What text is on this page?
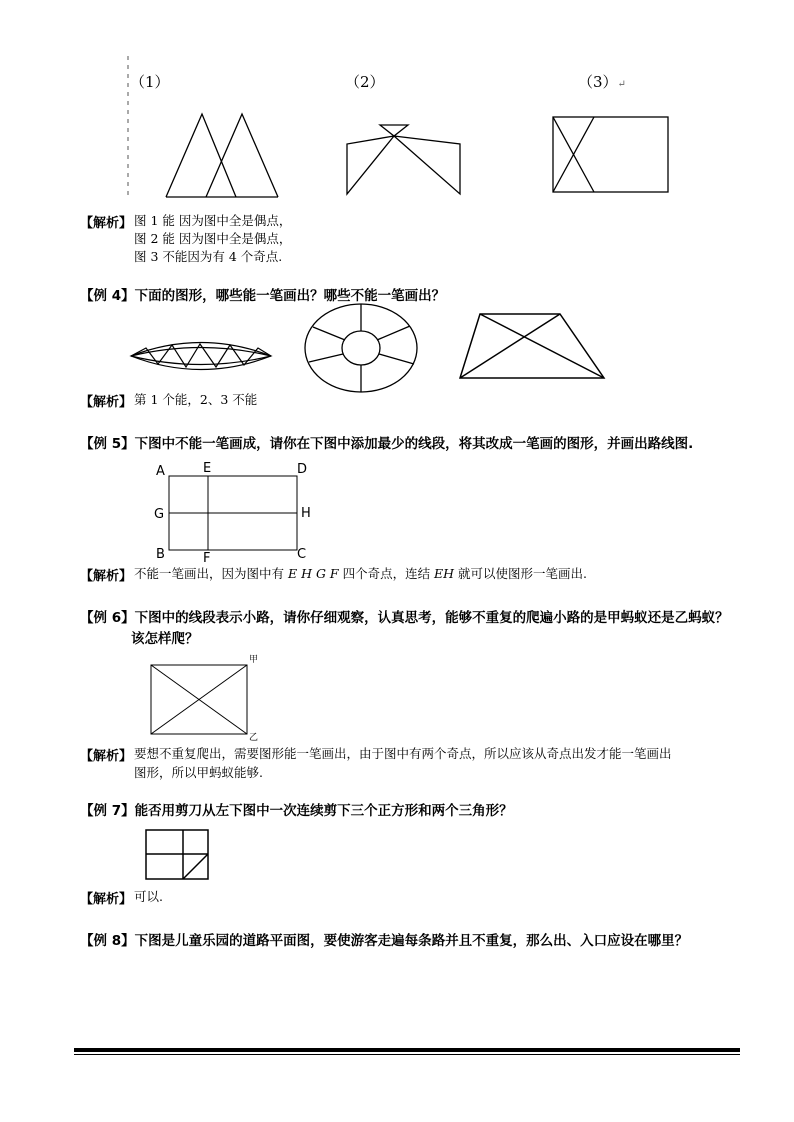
（1）	（2）	（3）↵
【解析】 图 1 能 因为图中全是偶点，
图 2 能 因为图中全是偶点，
图 3 不能因为有 4 个奇点.
【例 4】下面的图形，哪些能一笔画出？哪些不能一笔画出？
【解析】 第 1 个能，2、3 不能
【例 5】下图中不能一笔画成，请你在下图中添加最少的线段，将其改成一笔画的图形，并画出路线图.
A	E	D
G	H
B	F	C
【解析】 不能一笔画出，因为图中有 E H G F 四个奇点，连结 EH 就可以使图形一笔画出.
【例 6】下图中的线段表示小路，请你仔细观察，认真思考，能够不重复的爬遍小路的是甲蚂蚁还是乙蚂蚁？
该怎样爬？
甲
乙
【解析】 要想不重复爬出，需要图形能一笔画出，由于图中有两个奇点，所以应该从奇点出发才能一笔画出
图形，所以甲蚂蚁能够.
【例 7】能否用剪刀从左下图中一次连续剪下三个正方形和两个三角形？
【解析】 可以.
【例 8】下图是儿童乐园的道路平面图，要使游客走遍每条路并且不重复，那么出、入口应设在哪里？
